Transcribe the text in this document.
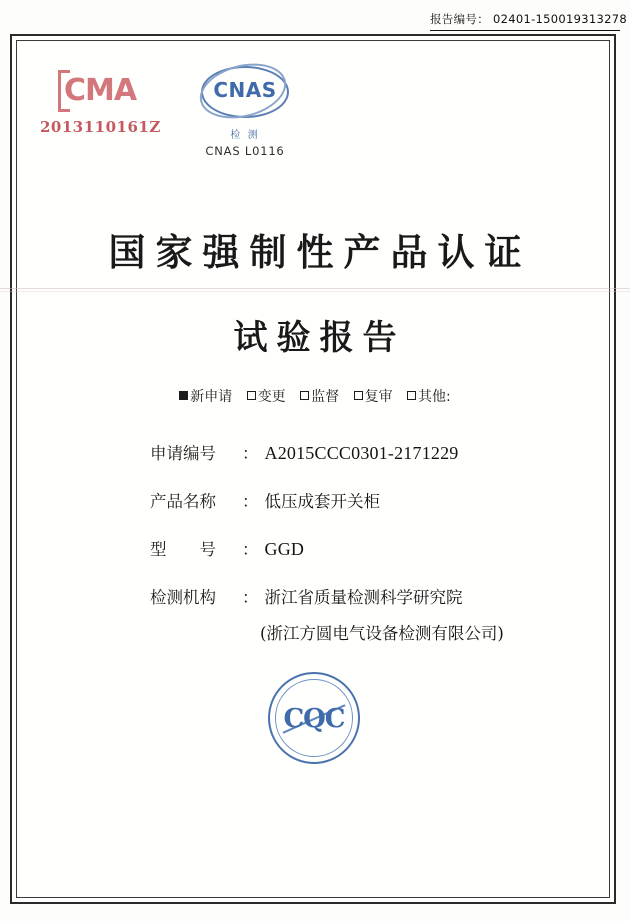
报告编号： 02401-150019313278
CMA
2013110161Z
CNAS
检 测
CNAS L0116
国家强制性产品认证
试验报告
新申请 变更 监督 复审 其他:
申请编号	： A2015CCC0301-2171229
产品名称	： 低压成套开关柜
型　　号	： GGD
检测机构	： 浙江省质量检测科学研究院
(浙江方圆电气设备检测有限公司)
CQC
